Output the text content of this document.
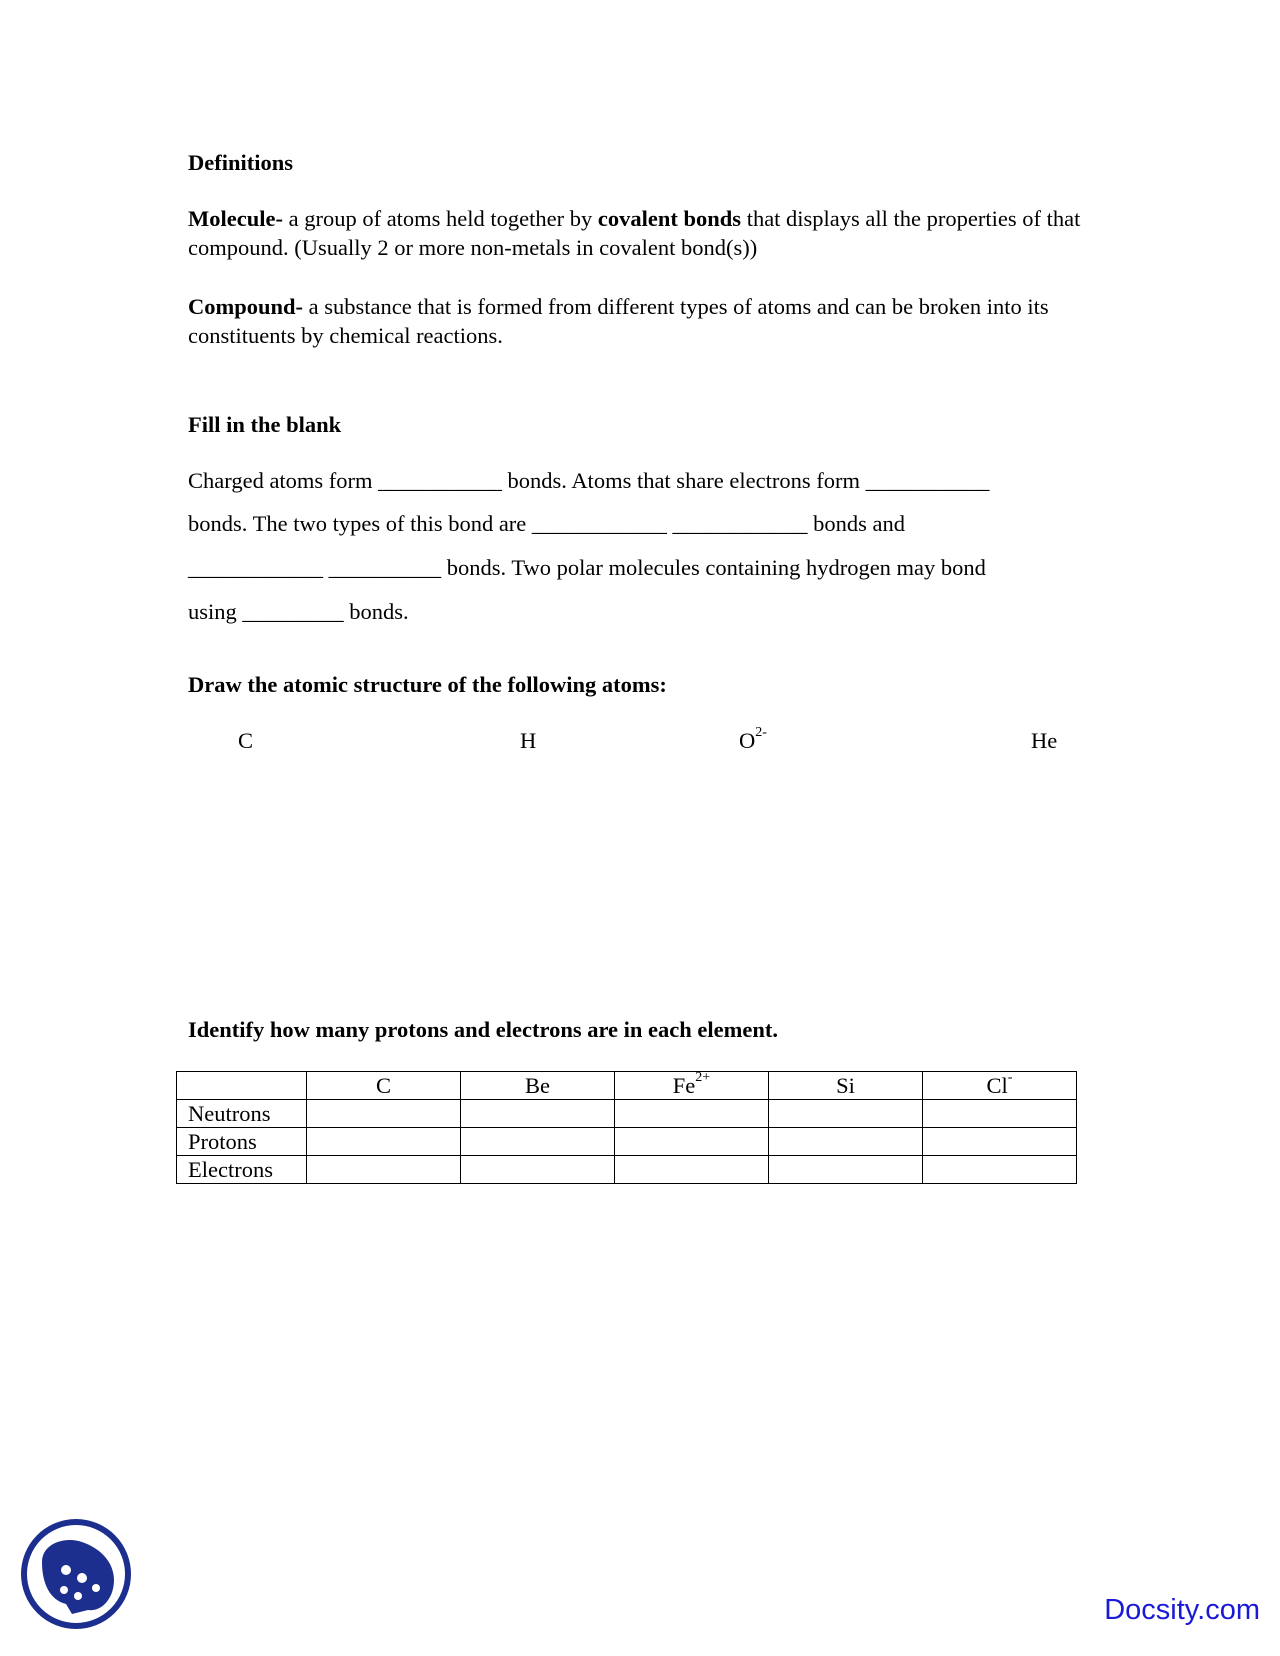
Definitions

Molecule- a group of atoms held together by covalent bonds that displays all the properties of that compound. (Usually 2 or more non-metals in covalent bond(s))

Compound- a substance that is formed from different types of atoms and can be broken into its constituents by chemical reactions.

Fill in the blank

Charged atoms form ___________ bonds. Atoms that share electrons form ___________

bonds. The two types of this bond are ____________ ____________ bonds and

____________ __________ bonds. Two polar molecules containing hydrogen may bond

using _________ bonds.

Draw the atomic structure of the following atoms:

C	H	$O^{2-}$	He

Identify how many protons and electrons are in each element.

	C	Be	$Fe^{2+}$	Si	Cl-
Neutrons					
Protons					
Electrons					
Docsity.com
